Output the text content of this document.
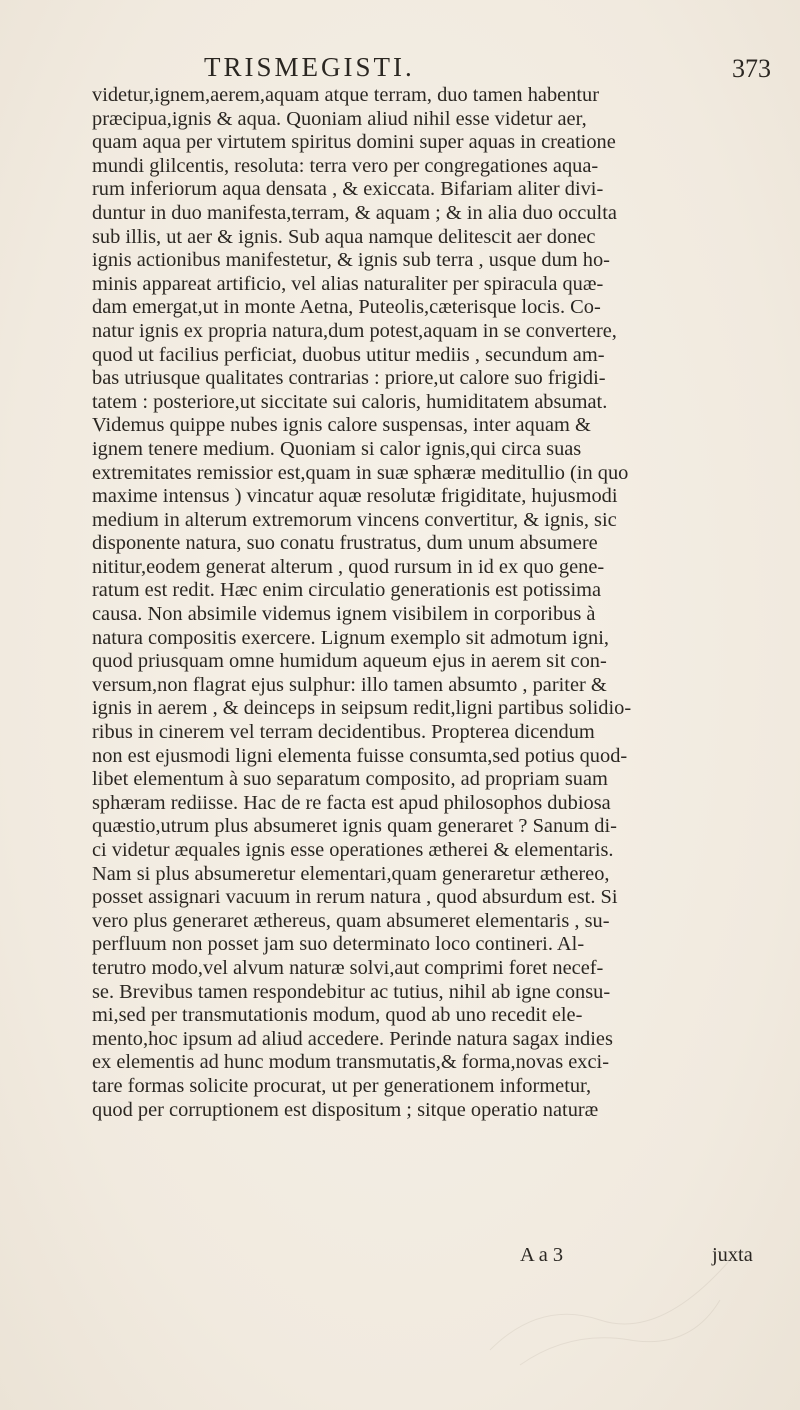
TRISMEGISTI.	373
videtur,ignem,aerem,aquam atque terram, duo tamen habentur
præcipua,ignis & aqua. Quoniam aliud nihil esse videtur aer,
quam aqua per virtutem spiritus domini super aquas in creatione
mundi glilcentis, resoluta: terra vero per congregationes aqua-
rum inferiorum aqua densata , & exiccata. Bifariam aliter divi-
duntur in duo manifesta,terram, & aquam ; & in alia duo occulta
sub illis, ut aer & ignis. Sub aqua namque delitescit aer donec
ignis actionibus manifestetur, & ignis sub terra , usque dum ho-
minis appareat artificio, vel alias naturaliter per spiracula quæ-
dam emergat,ut in monte Aetna, Puteolis,cæterisque locis. Co-
natur ignis ex propria natura,dum potest,aquam in se convertere,
quod ut facilius perficiat, duobus utitur mediis , secundum am-
bas utriusque qualitates contrarias : priore,ut calore suo frigidi-
tatem : posteriore,ut siccitate sui caloris, humiditatem absumat.
Videmus quippe nubes ignis calore suspensas, inter aquam &
ignem tenere medium. Quoniam si calor ignis,qui circa suas
extremitates remissior est,quam in suæ sphæræ meditullio (in quo
maxime intensus ) vincatur aquæ resolutæ frigiditate, hujusmodi
medium in alterum extremorum vincens convertitur, & ignis, sic
disponente natura, suo conatu frustratus, dum unum absumere
nititur,eodem generat alterum , quod rursum in id ex quo gene-
ratum est redit. Hæc enim circulatio generationis est potissima
causa. Non absimile videmus ignem visibilem in corporibus à
natura compositis exercere. Lignum exemplo sit admotum igni,
quod priusquam omne humidum aqueum ejus in aerem sit con-
versum,non flagrat ejus sulphur: illo tamen absumto , pariter &
ignis in aerem , & deinceps in seipsum redit,ligni partibus solidio-
ribus in cinerem vel terram decidentibus. Propterea dicendum
non est ejusmodi ligni elementa fuisse consumta,sed potius quod-
libet elementum à suo separatum composito, ad propriam suam
sphæram rediisse. Hac de re facta est apud philosophos dubiosa
quæstio,utrum plus absumeret ignis quam generaret ? Sanum di-
ci videtur æquales ignis esse operationes ætherei & elementaris.
Nam si plus absumeretur elementari,quam generaretur æthereo,
posset assignari vacuum in rerum natura , quod absurdum est. Si
vero plus generaret æthereus, quam absumeret elementaris , su-
perfluum non posset jam suo determinato loco contineri. Al-
terutro modo,vel alvum naturæ solvi,aut comprimi foret necef-
se. Brevibus tamen respondebitur ac tutius, nihil ab igne consu-
mi,sed per transmutationis modum, quod ab uno recedit ele-
mento,hoc ipsum ad aliud accedere. Perinde natura sagax indies
ex elementis ad hunc modum transmutatis,& forma,novas exci-
tare formas solicite procurat, ut per generationem informetur,
quod per corruptionem est dispositum ; sitque operatio naturæ
A a 3	juxta
